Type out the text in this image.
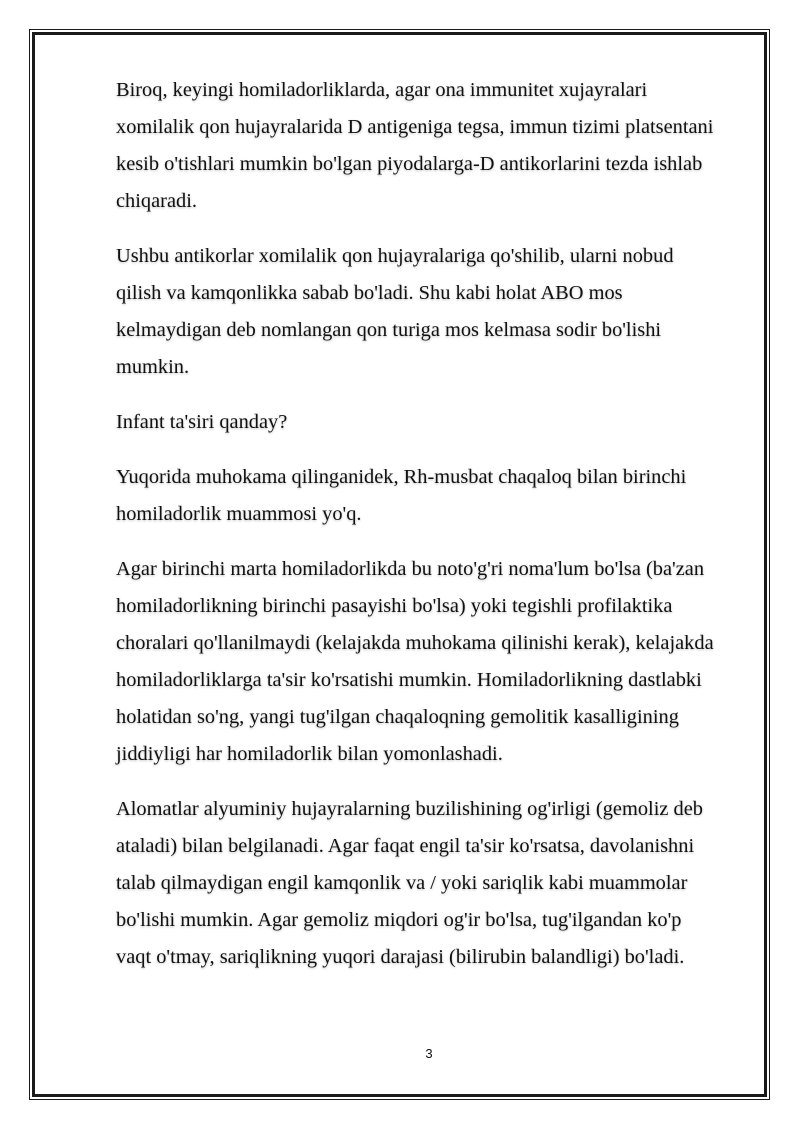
Biroq, keyingi homiladorliklarda, agar ona immunitet xujayralari xomilalik qon hujayralarida D antigeniga tegsa, immun tizimi platsentani kesib o'tishlari mumkin bo'lgan piyodalarga-D antikorlarini tezda ishlab chiqaradi.

Ushbu antikorlar xomilalik qon hujayralariga qo'shilib, ularni nobud qilish va kamqonlikka sabab bo'ladi. Shu kabi holat ABO mos kelmaydigan deb nomlangan qon turiga mos kelmasa sodir bo'lishi mumkin.

Infant ta'siri qanday?

Yuqorida muhokama qilinganidek, Rh-musbat chaqaloq bilan birinchi homiladorlik muammosi yo'q.

Agar birinchi marta homiladorlikda bu noto'g'ri noma'lum bo'lsa (ba'zan homiladorlikning birinchi pasayishi bo'lsa) yoki tegishli profilaktika choralari qo'llanilmaydi (kelajakda muhokama qilinishi kerak), kelajakda homiladorliklarga ta'sir ko'rsatishi mumkin. Homiladorlikning dastlabki holatidan so'ng, yangi tug'ilgan chaqaloqning gemolitik kasalligining jiddiyligi har homiladorlik bilan yomonlashadi.

Alomatlar alyuminiy hujayralarning buzilishining og'irligi (gemoliz deb ataladi) bilan belgilanadi. Agar faqat engil ta'sir ko'rsatsa, davolanishni talab qilmaydigan engil kamqonlik va / yoki sariqlik kabi muammolar bo'lishi mumkin. Agar gemoliz miqdori og'ir bo'lsa, tug'ilgandan ko'p vaqt o'tmay, sariqlikning yuqori darajasi (bilirubin balandligi) bo'ladi.

3
